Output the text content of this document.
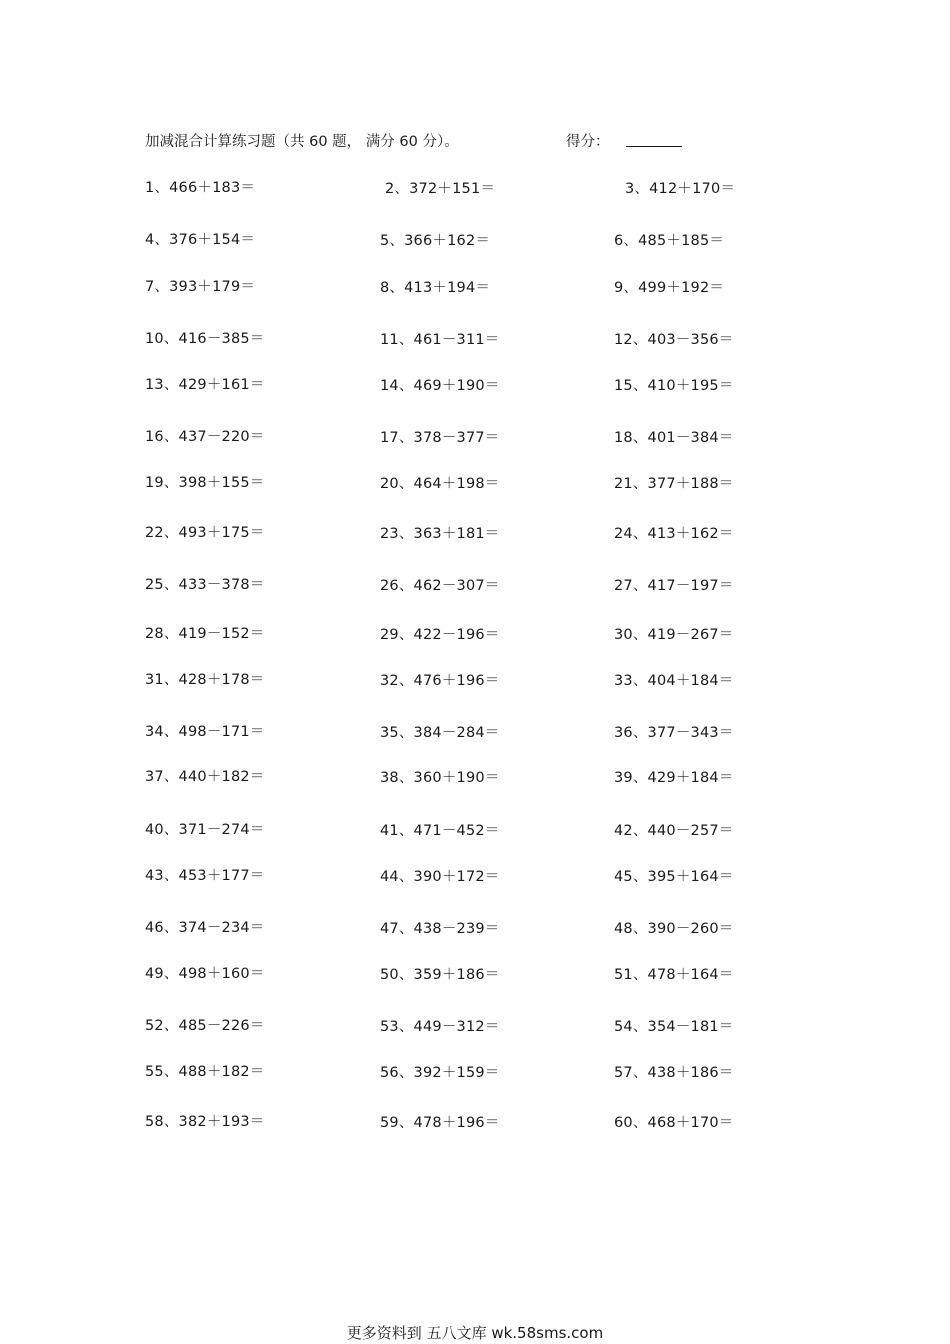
加减混合计算练习题（共 60 题， 满分 60 分）。	得分：
1、466＋183＝	2、372＋151＝	3、412＋170＝
4、376＋154＝	5、366＋162＝	6、485＋185＝
7、393＋179＝	8、413＋194＝	9、499＋192＝
10、416－385＝	11、461－311＝	12、403－356＝
13、429＋161＝	14、469＋190＝	15、410＋195＝
16、437－220＝	17、378－377＝	18、401－384＝
19、398＋155＝	20、464＋198＝	21、377＋188＝
22、493＋175＝	23、363＋181＝	24、413＋162＝
25、433－378＝	26、462－307＝	27、417－197＝
28、419－152＝	29、422－196＝	30、419－267＝
31、428＋178＝	32、476＋196＝	33、404＋184＝
34、498－171＝	35、384－284＝	36、377－343＝
37、440＋182＝	38、360＋190＝	39、429＋184＝
40、371－274＝	41、471－452＝	42、440－257＝
43、453＋177＝	44、390＋172＝	45、395＋164＝
46、374－234＝	47、438－239＝	48、390－260＝
49、498＋160＝	50、359＋186＝	51、478＋164＝
52、485－226＝	53、449－312＝	54、354－181＝
55、488＋182＝	56、392＋159＝	57、438＋186＝
58、382＋193＝	59、478＋196＝	60、468＋170＝
更多资料到 五八文库 wk.58sms.com
